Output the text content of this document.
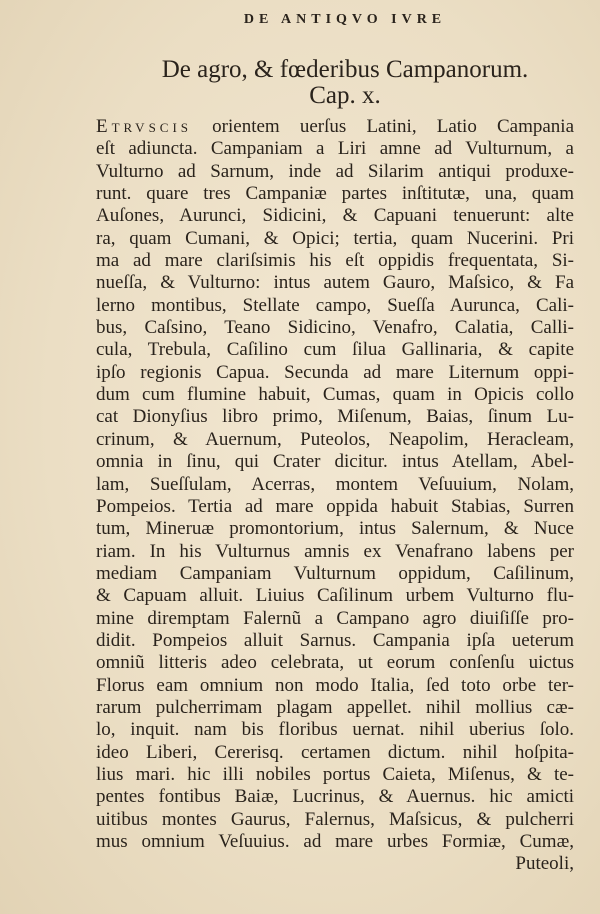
DE ANTIQVO IVRE
De agro, & fœderibus Campanorum.
Cap. x.
Etrvscis orientem uerſus Latini, Latio Campania
eſt adiuncta. Campaniam a Liri amne ad Vulturnum, a
Vulturno ad Sarnum, inde ad Silarim antiqui produxe-
runt. quare tres Campaniæ partes inſtitutæ, una, quam
Auſones, Aurunci, Sidicini, & Capuani tenuerunt: alte
ra, quam Cumani, & Opici; tertia, quam Nucerini. Pri
ma ad mare clariſsimis his eſt oppidis frequentata, Si-
nueſſa, & Vulturno: intus autem Gauro, Maſsico, & Fa
lerno montibus, Stellate campo, Sueſſa Aurunca, Cali-
bus, Caſsino, Teano Sidicino, Venafro, Calatia, Calli-
cula, Trebula, Caſilino cum ſilua Gallinaria, & capite
ipſo regionis Capua. Secunda ad mare Liternum oppi-
dum cum flumine habuit, Cumas, quam in Opicis collo
cat Dionyſius libro primo, Miſenum, Baias, ſinum Lu-
crinum, & Auernum, Puteolos, Neapolim, Heracleam,
omnia in ſinu, qui Crater dicitur. intus Atellam, Abel-
lam, Sueſſulam, Acerras, montem Veſuuium, Nolam,
Pompeios. Tertia ad mare oppida habuit Stabias, Surren
tum, Mineruæ promontorium, intus Salernum, & Nuce
riam. In his Vulturnus amnis ex Venafrano labens per
mediam Campaniam Vulturnum oppidum, Caſilinum,
& Capuam alluit. Liuius Caſilinum urbem Vulturno flu-
mine diremptam Falernũ a Campano agro diuiſiſſe pro-
didit. Pompeios alluit Sarnus. Campania ipſa ueterum
omniũ litteris adeo celebrata, ut eorum conſenſu uictus
Florus eam omnium non modo Italia, ſed toto orbe ter-
rarum pulcherrimam plagam appellet. nihil mollius cæ-
lo, inquit. nam bis floribus uernat. nihil uberius ſolo.
ideo Liberi, Cererisq. certamen dictum. nihil hoſpita-
lius mari. hic illi nobiles portus Caieta, Miſenus, & te-
pentes fontibus Baiæ, Lucrinus, & Auernus. hic amicti
uitibus montes Gaurus, Falernus, Maſsicus, & pulcherri
mus omnium Veſuuius. ad mare urbes Formiæ, Cumæ,
Puteoli,
